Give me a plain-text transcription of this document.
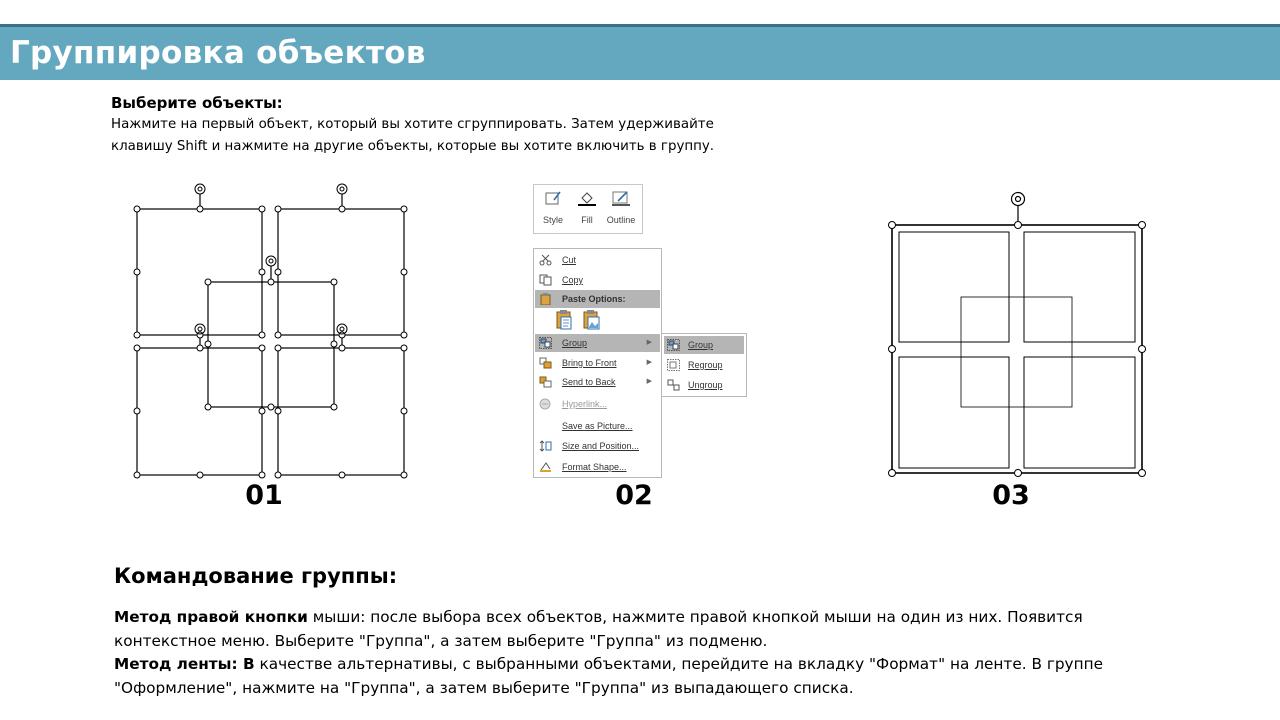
Группировка объектов
Выберите объекты:
Нажмите на первый объект, который вы хотите сгруппировать. Затем удерживайте клавишу Shift и нажмите на другие объекты, которые вы хотите включить в группу.
01	02	03
Style	Fill	Outline
Cut
Copy
Paste Options:
Group	▶
Bring to Front	▶
Send to Back	▶
Hyperlink...
Save as Picture...
Size and Position...
Format Shape...
Group
Regroup
Ungroup
Командование группы:

Метод правой кнопки мыши: после выбора всех объектов, нажмите правой кнопкой мыши на один из них. Появится контекстное меню. Выберите "Группа", а затем выберите "Группа" из подменю.

Метод ленты: В качестве альтернативы, с выбранными объектами, перейдите на вкладку "Формат" на ленте. В группе "Оформление", нажмите на "Группа", а затем выберите "Группа" из выпадающего списка.
